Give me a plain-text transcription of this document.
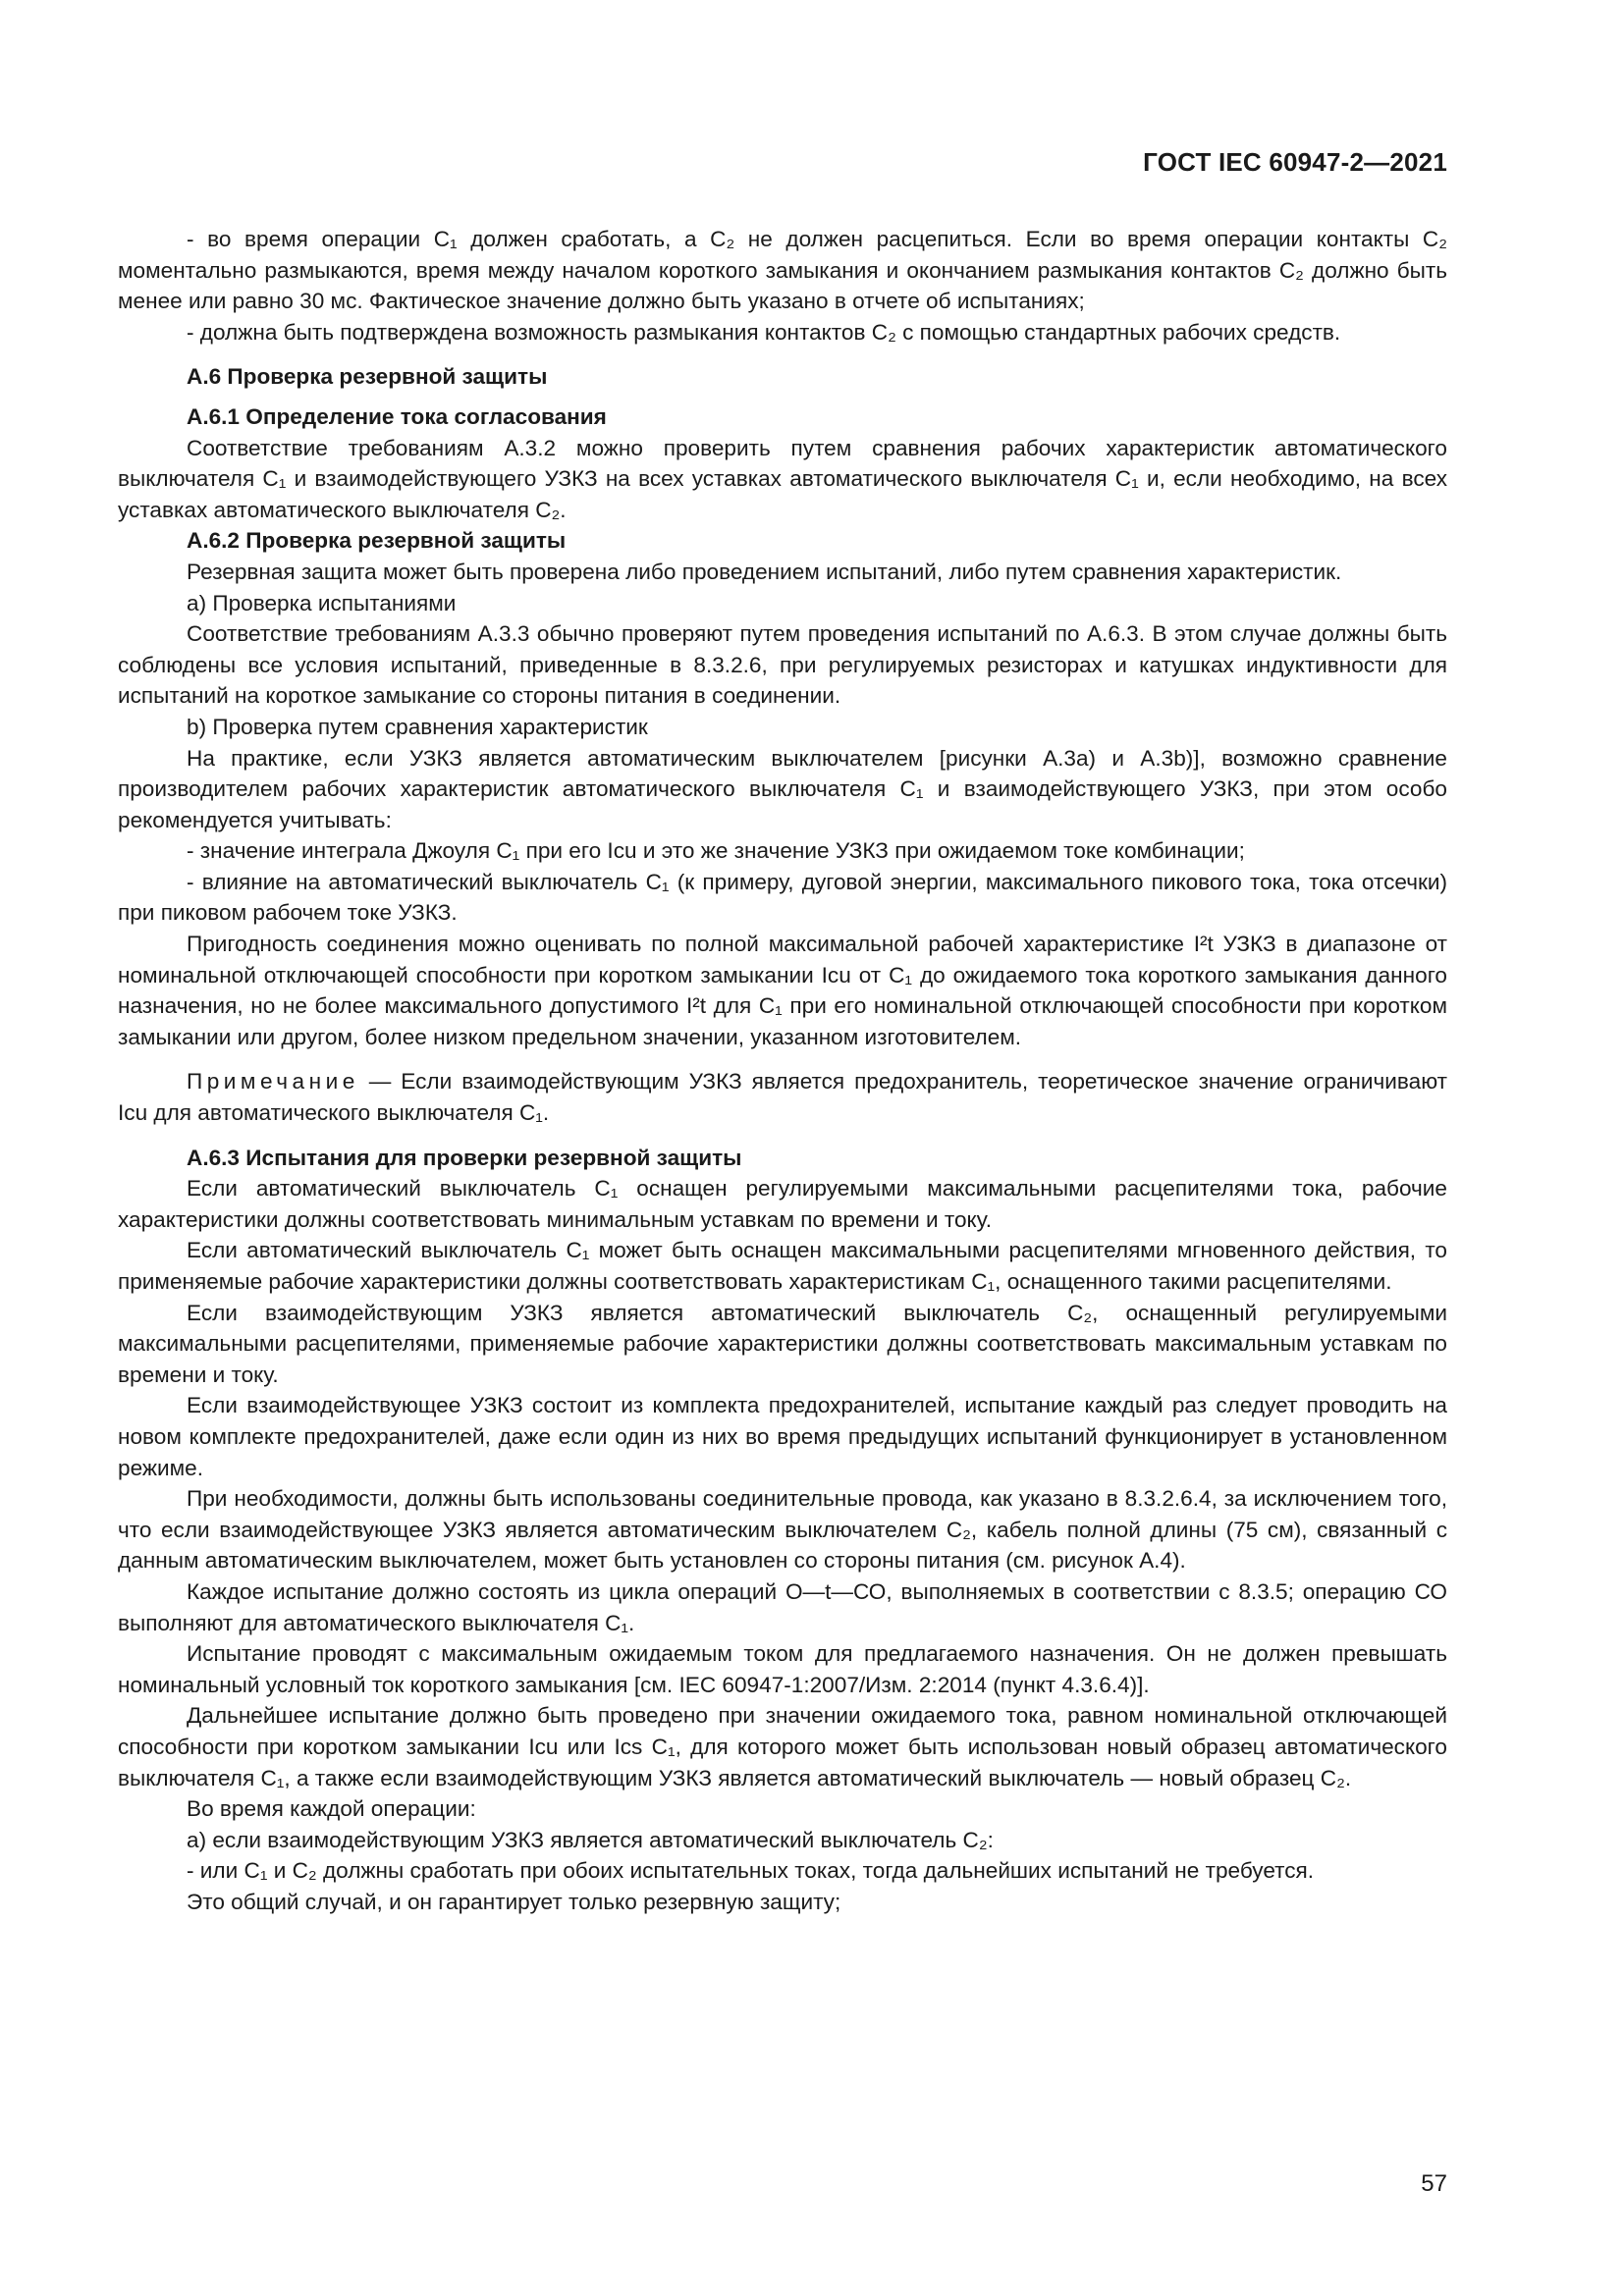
ГОСТ IEC 60947-2—2021

- во время операции C₁ должен сработать, а C₂ не должен расцепиться. Если во время операции контакты C₂ моментально размыкаются, время между началом короткого замыкания и окончанием размыкания контактов C₂ должно быть менее или равно 30 мс. Фактическое значение должно быть указано в отчете об испытаниях;

- должна быть подтверждена возможность размыкания контактов C₂ с помощью стандартных рабочих средств.

А.6 Проверка резервной защиты
А.6.1 Определение тока согласования

Соответствие требованиям А.3.2 можно проверить путем сравнения рабочих характеристик автоматического выключателя C₁ и взаимодействующего УЗКЗ на всех уставках автоматического выключателя C₁ и, если необходимо, на всех уставках автоматического выключателя C₂.

А.6.2 Проверка резервной защиты

Резервная защита может быть проверена либо проведением испытаний, либо путем сравнения характеристик.

а) Проверка испытаниями

Соответствие требованиям А.3.3 обычно проверяют путем проведения испытаний по А.6.3. В этом случае должны быть соблюдены все условия испытаний, приведенные в 8.3.2.6, при регулируемых резисторах и катушках индуктивности для испытаний на короткое замыкание со стороны питания в соединении.

b) Проверка путем сравнения характеристик

На практике, если УЗКЗ является автоматическим выключателем [рисунки А.3а) и А.3b)], возможно сравнение производителем рабочих характеристик автоматического выключателя C₁ и взаимодействующего УЗКЗ, при этом особо рекомендуется учитывать:

- значение интеграла Джоуля C₁ при его Icu и это же значение УЗКЗ при ожидаемом токе комбинации;

- влияние на автоматический выключатель C₁ (к примеру, дуговой энергии, максимального пикового тока, тока отсечки) при пиковом рабочем токе УЗКЗ.

Пригодность соединения можно оценивать по полной максимальной рабочей характеристике I²t УЗКЗ в диапазоне от номинальной отключающей способности при коротком замыкании Icu от C₁ до ожидаемого тока короткого замыкания данного назначения, но не более максимального допустимого I²t для C₁ при его номинальной отключающей способности при коротком замыкании или другом, более низком предельном значении, указанном изготовителем.

Примечание — Если взаимодействующим УЗКЗ является предохранитель, теоретическое значение ограничивают Icu для автоматического выключателя C₁.

А.6.3 Испытания для проверки резервной защиты

Если автоматический выключатель C₁ оснащен регулируемыми максимальными расцепителями тока, рабочие характеристики должны соответствовать минимальным уставкам по времени и току.

Если автоматический выключатель C₁ может быть оснащен максимальными расцепителями мгновенного действия, то применяемые рабочие характеристики должны соответствовать характеристикам C₁, оснащенного такими расцепителями.

Если взаимодействующим УЗКЗ является автоматический выключатель C₂, оснащенный регулируемыми максимальными расцепителями, применяемые рабочие характеристики должны соответствовать максимальным уставкам по времени и току.

Если взаимодействующее УЗКЗ состоит из комплекта предохранителей, испытание каждый раз следует проводить на новом комплекте предохранителей, даже если один из них во время предыдущих испытаний функционирует в установленном режиме.

При необходимости, должны быть использованы соединительные провода, как указано в 8.3.2.6.4, за исключением того, что если взаимодействующее УЗКЗ является автоматическим выключателем C₂, кабель полной длины (75 см), связанный с данным автоматическим выключателем, может быть установлен со стороны питания (см. рисунок А.4).

Каждое испытание должно состоять из цикла операций О—t—СО, выполняемых в соответствии с 8.3.5; операцию СО выполняют для автоматического выключателя C₁.

Испытание проводят с максимальным ожидаемым током для предлагаемого назначения. Он не должен превышать номинальный условный ток короткого замыкания [см. IEC 60947-1:2007/Изм. 2:2014 (пункт 4.3.6.4)].

Дальнейшее испытание должно быть проведено при значении ожидаемого тока, равном номинальной отключающей способности при коротком замыкании Icu или Ics C₁, для которого может быть использован новый образец автоматического выключателя C₁, а также если взаимодействующим УЗКЗ является автоматический выключатель — новый образец C₂.

Во время каждой операции:

а) если взаимодействующим УЗКЗ является автоматический выключатель C₂:

- или C₁ и C₂ должны сработать при обоих испытательных токах, тогда дальнейших испытаний не требуется.

Это общий случай, и он гарантирует только резервную защиту;

57
